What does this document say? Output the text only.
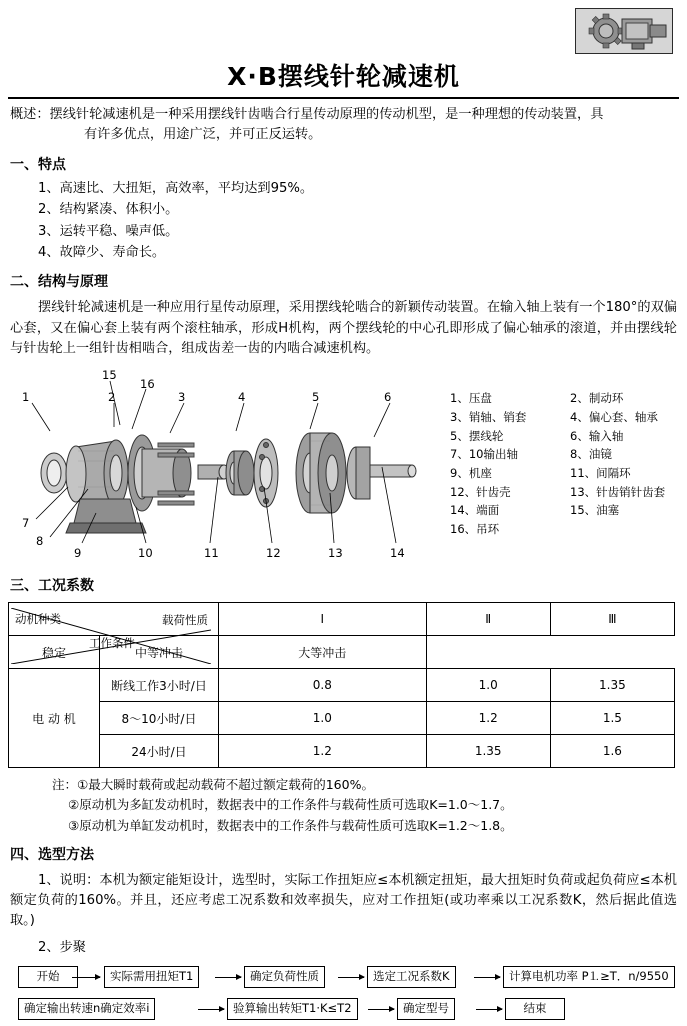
X·B摆线针轮减速机

概述：摆线针轮减速机是一种采用摆线针齿啮合行星传动原理的传动机型，是一种理想的传动装置，具
有许多优点，用途广泛，并可正反运转。

一、特点
1、高速比、大扭矩，高效率，平均达到95%。
2、结构紧凑、体积小。
3、运转平稳、噪声低。
4、故障少、寿命长。
二、结构与原理

摆线针轮减速机是一种应用行星传动原理，采用摆线轮啮合的新颖传动装置。在输入轴上装有一个180°的双偏心套，又在偏心套上装有两个滚柱轴承，形成H机构，两个摆线轮的中心孔即形成了偏心轴承的滚道，并由摆线轮与针齿轮上一组针齿相啮合，组成齿差一齿的内啮合减速机构。

15
16
1	2	3	4	5	6
7
8
9	10	11	12	13	14
1、压盘	2、制动环
3、销轴、销套	4、偏心套、轴承
5、摆线轮	6、输入轴
7、10输出轴	8、油镜
9、机座	11、间隔环
12、针齿壳	13、针齿销针齿套
14、端面	15、油塞
16、吊环
三、工况系数
载荷性质
工作条件
动机种类		Ⅰ	Ⅱ	Ⅲ
稳定	中等冲击	大等冲击		
电 动 机	断线工作3小时/日	0.8	1.0	1.35
	8～10小时/日	1.0	1.2	1.5
	24小时/日	1.2	1.35	1.6
注：①最大瞬时载荷或起动载荷不超过额定载荷的160%。
②原动机为多缸发动机时，数据表中的工作条件与载荷性质可选取K=1.0～1.7。
③原动机为单缸发动机时，数据表中的工作条件与载荷性质可选取K=1.2～1.8。
四、选型方法

1、说明：本机为额定能矩设计，选型时，实际工作扭矩应≤本机额定扭矩，最大扭矩时负荷或起负荷应≤本机额定负荷的160%。并且，还应考虑工况系数和效率损失，应对工作扭矩(或功率乘以工况系数K，然后据此值选取。)

2、步聚
开始	实际需用扭矩T1	确定负荷性质	选定工况系数K	计算电机功率 P⒈≥T．n/9550
确定输出转速n确定效率i	验算输出转矩T1·K≤T2	确定型号	结束
